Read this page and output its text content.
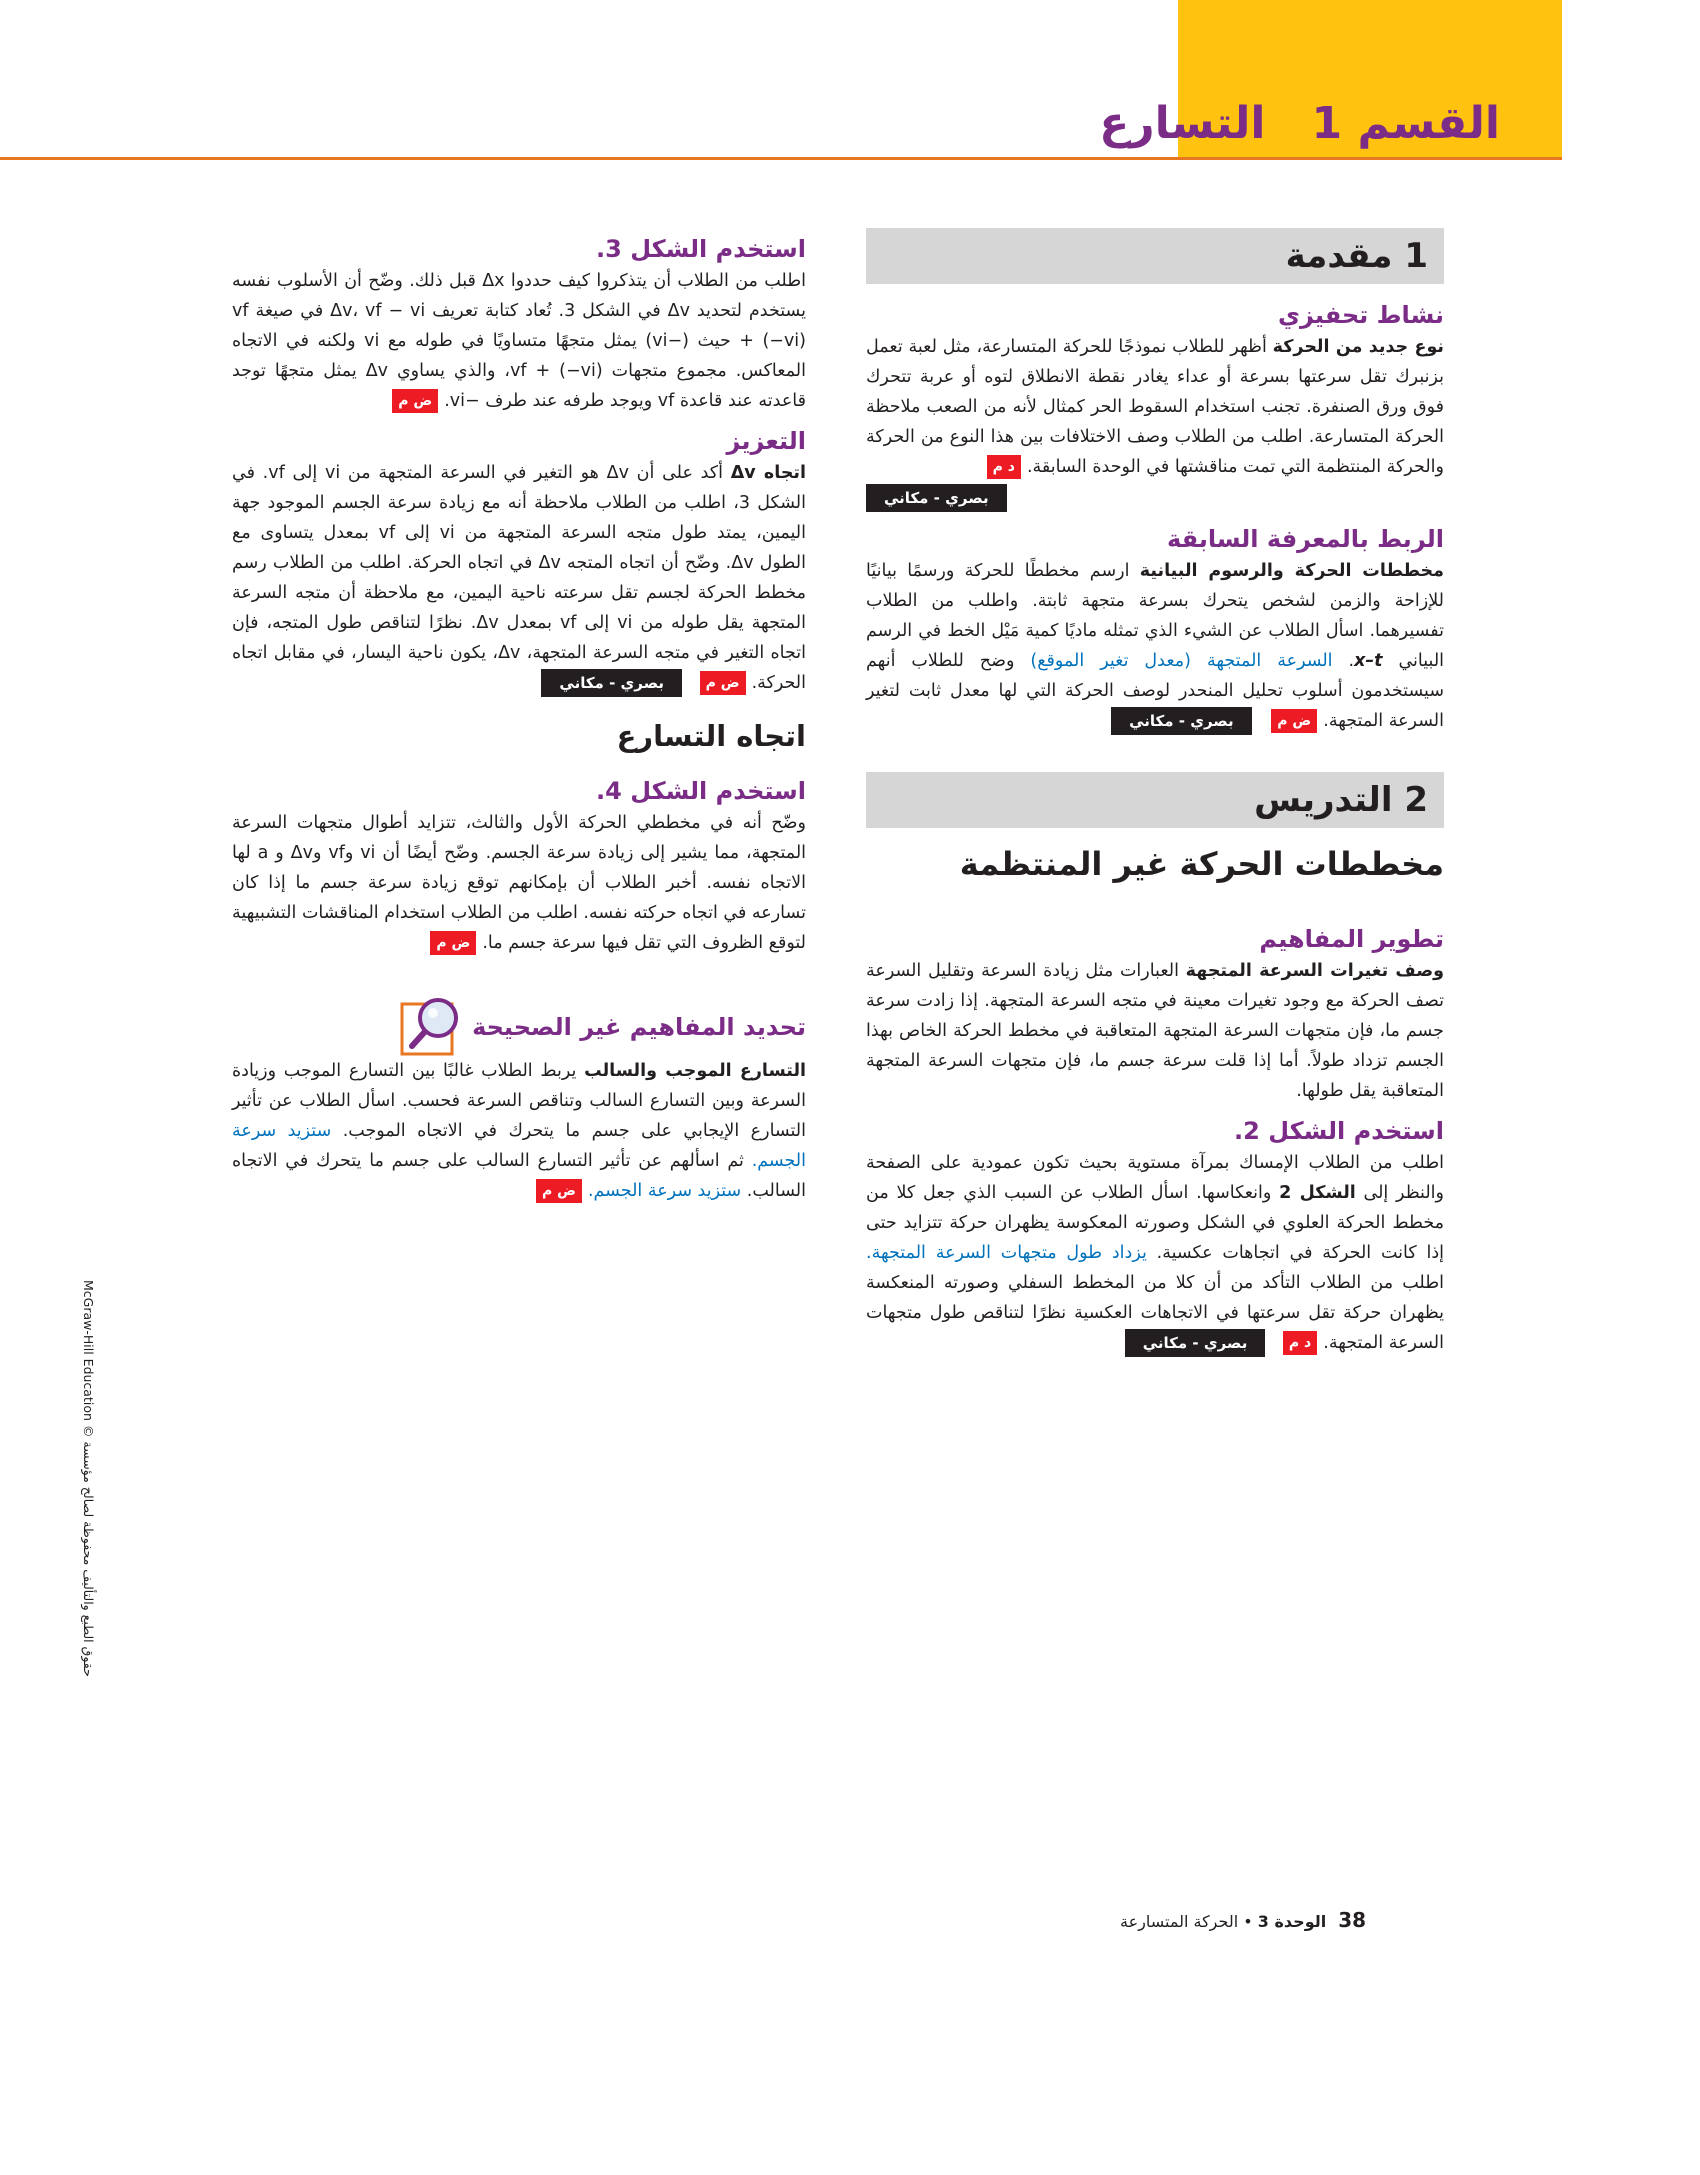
القسم 1التسارع
1 مقدمة
نشاط تحفيزي

نوع جديد من الحركة أظهر للطلاب نموذجًا للحركة المتسارعة، مثل لعبة تعمل بزنبرك تقل سرعتها بسرعة أو عداء يغادر نقطة الانطلاق لتوه أو عربة تتحرك فوق ورق الصنفرة. تجنب استخدام السقوط الحر كمثال لأنه من الصعب ملاحظة الحركة المتسارعة. اطلب من الطلاب وصف الاختلافات بين هذا النوع من الحركة والحركة المنتظمة التي تمت مناقشتها في الوحدة السابقة.د م

بصري - مكاني
الربط بالمعرفة السابقة

مخططات الحركة والرسوم البيانية ارسم مخططًا للحركة ورسمًا بيانيًا للإزاحة والزمن لشخص يتحرك بسرعة متجهة ثابتة. واطلب من الطلاب تفسيرهما. اسأل الطلاب عن الشيء الذي تمثله ماديًا كمية مَيْل الخط في الرسم البياني x–t. السرعة المتجهة (معدل تغير الموقع) وضح للطلاب أنهم سيستخدمون أسلوب تحليل المنحدر لوصف الحركة التي لها معدل ثابت لتغير السرعة المتجهة.ض م بصري - مكاني

2 التدريس
مخططات الحركة غير المنتظمة
تطوير المفاهيم

وصف تغيرات السرعة المتجهة العبارات مثل زيادة السرعة وتقليل السرعة تصف الحركة مع وجود تغيرات معينة في متجه السرعة المتجهة. إذا زادت سرعة جسم ما، فإن متجهات السرعة المتجهة المتعاقبة في مخطط الحركة الخاص بهذا الجسم تزداد طولاً. أما إذا قلت سرعة جسم ما، فإن متجهات السرعة المتجهة المتعاقبة يقل طولها.

استخدم الشكل 2.

اطلب من الطلاب الإمساك بمرآة مستوية بحيث تكون عمودية على الصفحة والنظر إلى الشكل 2 وانعكاسها. اسأل الطلاب عن السبب الذي جعل كلا من مخطط الحركة العلوي في الشكل وصورته المعكوسة يظهران حركة تتزايد حتى إذا كانت الحركة في اتجاهات عكسية. يزداد طول متجهات السرعة المتجهة. اطلب من الطلاب التأكد من أن كلا من المخطط السفلي وصورته المنعكسة يظهران حركة تقل سرعتها في الاتجاهات العكسية نظرًا لتناقص طول متجهات السرعة المتجهة.د م بصري - مكاني

استخدم الشكل 3.

اطلب من الطلاب أن يتذكروا كيف حددوا Δx قبل ذلك. وضّح أن الأسلوب نفسه يستخدم لتحديد Δv في الشكل 3. تُعاد كتابة تعريف Δv، vf − vi في صيغة vf + (−vi) حيث (−vi) يمثل متجهًا متساويًا في طوله مع vi ولكنه في الاتجاه المعاكس. مجموع متجهات vf + (−vi)، والذي يساوي Δv يمثل متجهًا توجد قاعدته عند قاعدة vf ويوجد طرفه عند طرف −vi.ض م

التعزيز

اتجاه Δv أكد على أن Δv هو التغير في السرعة المتجهة من vi إلى vf. في الشكل 3، اطلب من الطلاب ملاحظة أنه مع زيادة سرعة الجسم الموجود جهة اليمين، يمتد طول متجه السرعة المتجهة من vi إلى vf بمعدل يتساوى مع الطول Δv. وضّح أن اتجاه المتجه Δv في اتجاه الحركة. اطلب من الطلاب رسم مخطط الحركة لجسم تقل سرعته ناحية اليمين، مع ملاحظة أن متجه السرعة المتجهة يقل طوله من vi إلى vf بمعدل Δv. نظرًا لتناقص طول المتجه، فإن اتجاه التغير في متجه السرعة المتجهة، Δv، يكون ناحية اليسار، في مقابل اتجاه الحركة.ض م بصري - مكاني

اتجاه التسارع
استخدم الشكل 4.

وضّح أنه في مخططي الحركة الأول والثالث، تتزايد أطوال متجهات السرعة المتجهة، مما يشير إلى زيادة سرعة الجسم. وضّح أيضًا أن vi وvf وΔv و a لها الاتجاه نفسه. أخبر الطلاب أن بإمكانهم توقع زيادة سرعة جسم ما إذا كان تسارعه في اتجاه حركته نفسه. اطلب من الطلاب استخدام المناقشات التشبيهية لتوقع الظروف التي تقل فيها سرعة جسم ما.ض م

تحديد المفاهيم غير الصحيحة

التسارع الموجب والسالب يربط الطلاب غالبًا بين التسارع الموجب وزيادة السرعة وبين التسارع السالب وتناقص السرعة فحسب. اسأل الطلاب عن تأثير التسارع الإيجابي على جسم ما يتحرك في الاتجاه الموجب. ستزيد سرعة الجسم. ثم اسألهم عن تأثير التسارع السالب على جسم ما يتحرك في الاتجاه السالب. ستزيد سرعة الجسم.ض م

38الوحدة 3 • الحركة المتسارعة
McGraw-Hill Education © حقوق الطبع والتأليف محفوظة لصالح مؤسسة
